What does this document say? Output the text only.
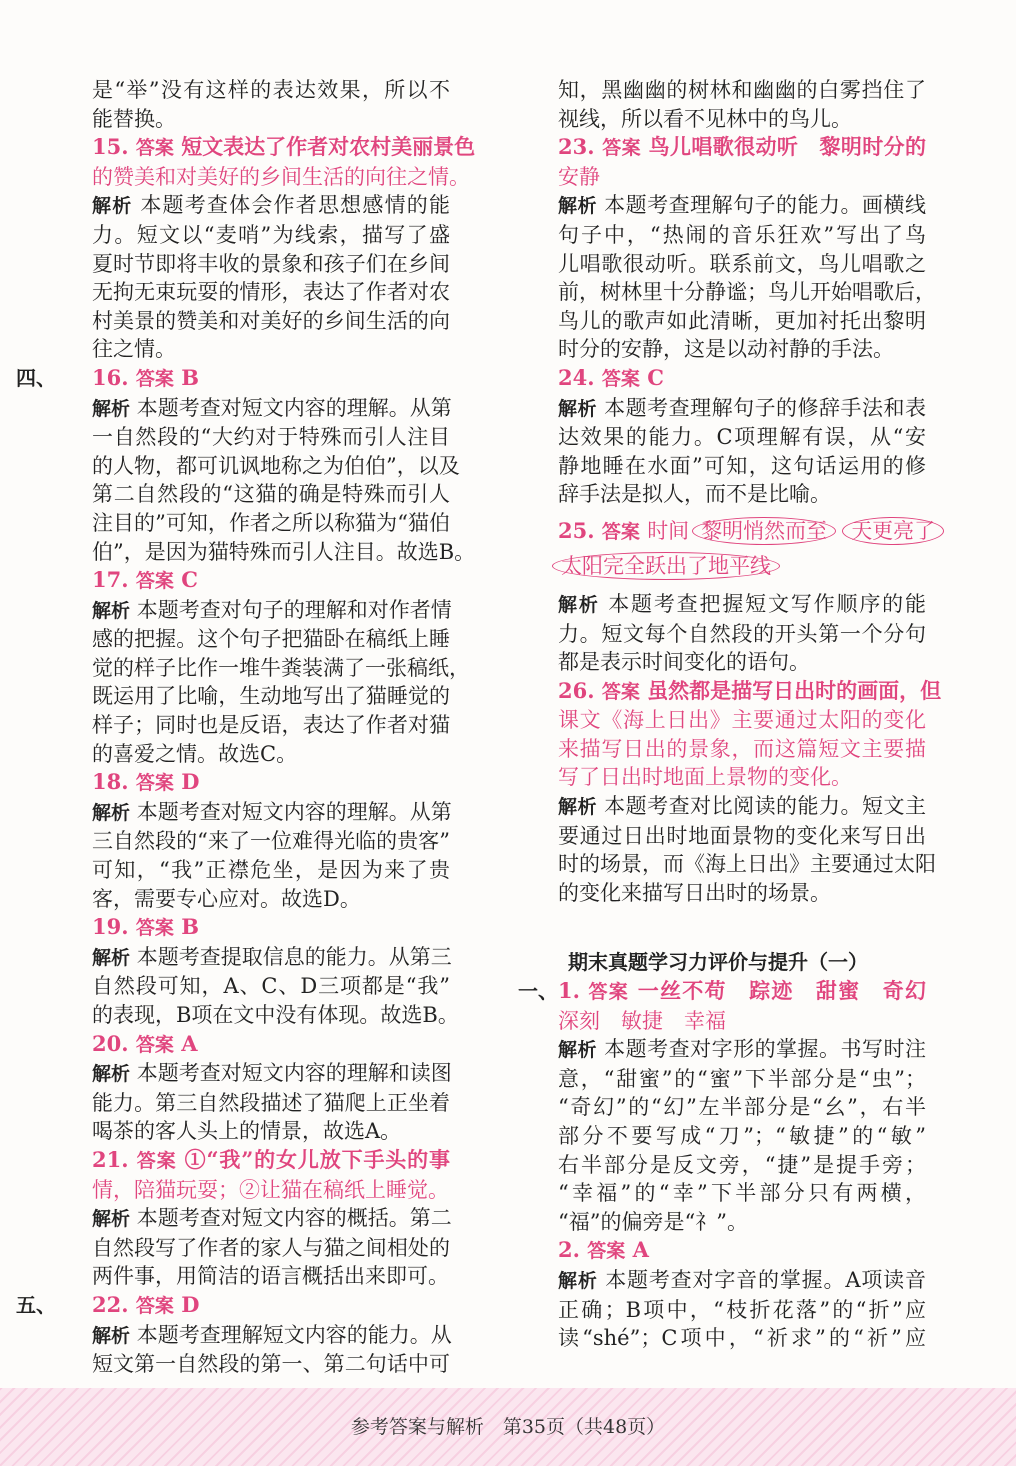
是“举”没有这样的表达效果，所以不
能替换。
15. 答案 短文表达了作者对农村美丽景色
的赞美和对美好的乡间生活的向往之情。
解析 本题考查体会作者思想感情的能
力。短文以“麦哨”为线索，描写了盛
夏时节即将丰收的景象和孩子们在乡间
无拘无束玩耍的情形，表达了作者对农
村美景的赞美和对美好的乡间生活的向
往之情。
四、 16. 答案 B
解析 本题考查对短文内容的理解。从第
一自然段的“大约对于特殊而引人注目
的人物，都可讥讽地称之为伯伯”，以及
第二自然段的“这猫的确是特殊而引人
注目的”可知，作者之所以称猫为“猫伯
伯”，是因为猫特殊而引人注目。故选B。
17. 答案 C
解析 本题考查对句子的理解和对作者情
感的把握。这个句子把猫卧在稿纸上睡
觉的样子比作一堆牛粪装满了一张稿纸，
既运用了比喻，生动地写出了猫睡觉的
样子；同时也是反语，表达了作者对猫
的喜爱之情。故选C。
18. 答案 D
解析 本题考查对短文内容的理解。从第
三自然段的“来了一位难得光临的贵客”
可知，“我”正襟危坐，是因为来了贵
客，需要专心应对。故选D。
19. 答案 B
解析 本题考查提取信息的能力。从第三
自然段可知，A、C、D三项都是“我”
的表现，B项在文中没有体现。故选B。
20. 答案 A
解析 本题考查对短文内容的理解和读图
能力。第三自然段描述了猫爬上正坐着
喝茶的客人头上的情景，故选A。
21. 答案 ①“我”的女儿放下手头的事
情，陪猫玩耍；②让猫在稿纸上睡觉。
解析 本题考查对短文内容的概括。第二
自然段写了作者的家人与猫之间相处的
两件事，用简洁的语言概括出来即可。
五、 22. 答案 D
解析 本题考查理解短文内容的能力。从
短文第一自然段的第一、第二句话中可
知，黑幽幽的树林和幽幽的白雾挡住了
视线，所以看不见林中的鸟儿。
23. 答案 鸟儿唱歌很动听　黎明时分的
安静
解析 本题考查理解句子的能力。画横线
句子中，“热闹的音乐狂欢”写出了鸟
儿唱歌很动听。联系前文，鸟儿唱歌之
前，树林里十分静谧；鸟儿开始唱歌后，
鸟儿的歌声如此清晰，更加衬托出黎明
时分的安静，这是以动衬静的手法。
24. 答案 C
解析 本题考查理解句子的修辞手法和表
达效果的能力。C项理解有误，从“安
静地睡在水面”可知，这句话运用的修
辞手法是拟人，而不是比喻。
25. 答案 时间 黎明悄然而至 天更亮了
太阳完全跃出了地平线
解析 本题考查把握短文写作顺序的能
力。短文每个自然段的开头第一个分句
都是表示时间变化的语句。
26. 答案 虽然都是描写日出时的画面，但
课文《海上日出》主要通过太阳的变化
来描写日出的景象，而这篇短文主要描
写了日出时地面上景物的变化。
解析 本题考查对比阅读的能力。短文主
要通过日出时地面景物的变化来写日出
时的场景，而《海上日出》主要通过太阳
的变化来描写日出时的场景。
期末真题学习力评价与提升（一）
一、 1. 答案 一丝不苟　踪迹　甜蜜　奇幻
深刻　敏捷　幸福
解析 本题考查对字形的掌握。书写时注
意，“甜蜜”的“蜜”下半部分是“虫”；
“奇幻”的“幻”左半部分是“幺”，右半
部分不要写成“刀”；“敏捷”的“敏”
右半部分是反文旁，“捷”是提手旁；
“幸福”的“幸”下半部分只有两横，
“福”的偏旁是“礻”。
2. 答案 A
解析 本题考查对字音的掌握。A项读音
正确；B项中，“枝折花落”的“折”应
读“shé”；C项中，“祈求”的“祈”应
参考答案与解析　第35页（共48页）
